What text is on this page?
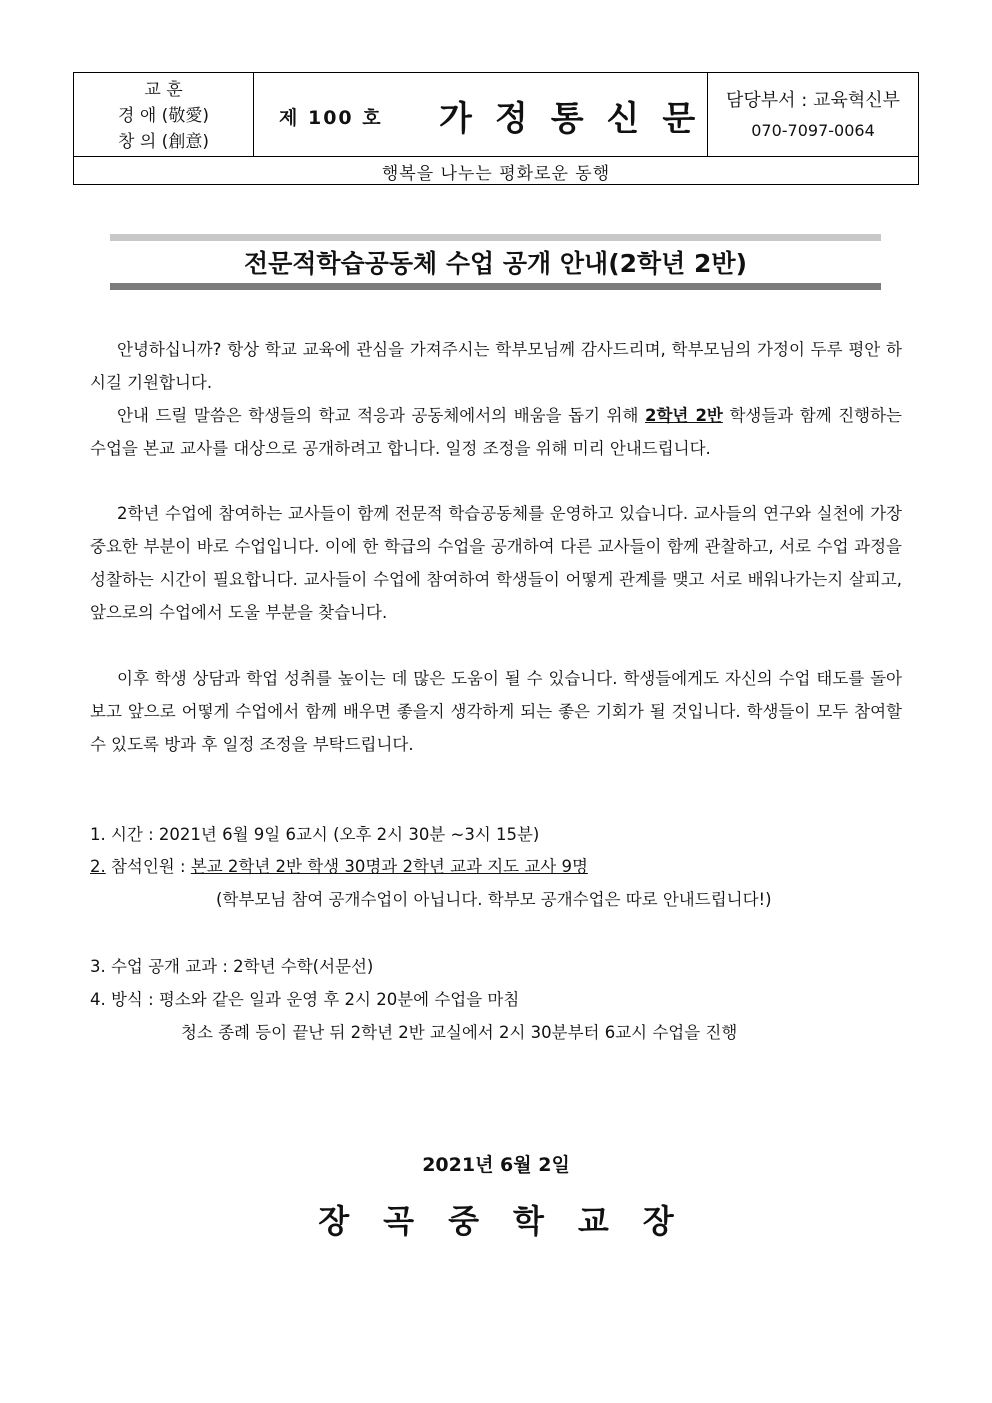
교 훈
경 애 (敬愛)
창 의 (創意)
제 100 호 가정통신문 담당부서 : 교육혁신부
070-7097-0064
행복을 나누는 평화로운 동행
전문적학습공동체 수업 공개 안내(2학년 2반)

안녕하십니까? 항상 학교 교육에 관심을 가져주시는 학부모님께 감사드리며, 학부모님의 가정이 두루 평안 하시길 기원합니다.

안내 드릴 말씀은 학생들의 학교 적응과 공동체에서의 배움을 돕기 위해 2학년 2반 학생들과 함께 진행하는 수업을 본교 교사를 대상으로 공개하려고 합니다. 일정 조정을 위해 미리 안내드립니다.

2학년 수업에 참여하는 교사들이 함께 전문적 학습공동체를 운영하고 있습니다. 교사들의 연구와 실천에 가장 중요한 부분이 바로 수업입니다. 이에 한 학급의 수업을 공개하여 다른 교사들이 함께 관찰하고, 서로 수업 과정을 성찰하는 시간이 필요합니다. 교사들이 수업에 참여하여 학생들이 어떻게 관계를 맺고 서로 배워나가는지 살피고, 앞으로의 수업에서 도울 부분을 찾습니다.

이후 학생 상담과 학업 성취를 높이는 데 많은 도움이 될 수 있습니다. 학생들에게도 자신의 수업 태도를 돌아보고 앞으로 어떻게 수업에서 함께 배우면 좋을지 생각하게 되는 좋은 기회가 될 것입니다. 학생들이 모두 참여할 수 있도록 방과 후 일정 조정을 부탁드립니다.

1. 시간 : 2021년 6월 9일 6교시 (오후 2시 30분 ~3시 15분)
2. 참석인원 : 본교 2학년 2반 학생 30명과 2학년 교과 지도 교사 9명
(학부모님 참여 공개수업이 아닙니다. 학부모 공개수업은 따로 안내드립니다!)
3. 수업 공개 교과 : 2학년 수학(서문선)
4. 방식 : 평소와 같은 일과 운영 후 2시 20분에 수업을 마침
청소 종례 등이 끝난 뒤 2학년 2반 교실에서 2시 30분부터 6교시 수업을 진행
2021년 6월 2일
장곡중학교장
